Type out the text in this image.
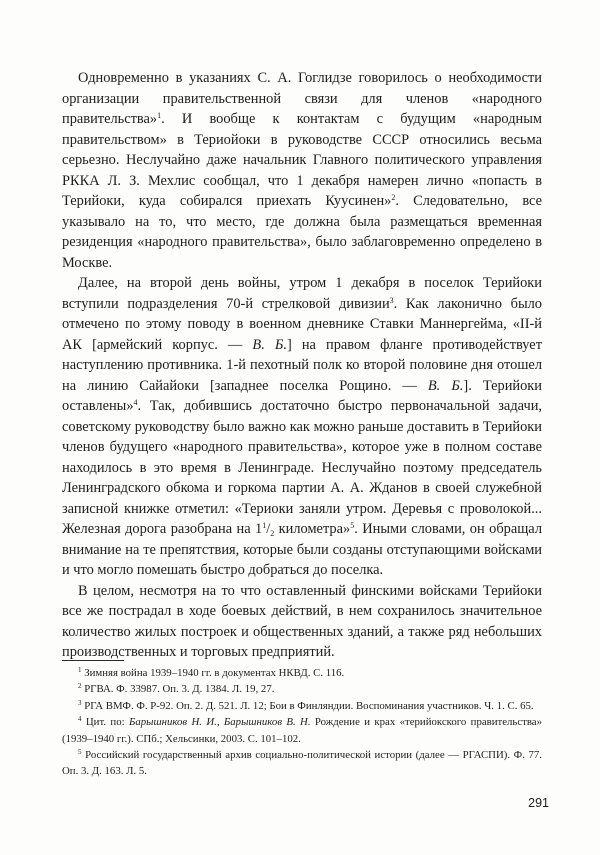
Одновременно в указаниях С. А. Гоглидзе говорилось о необходимости организации правительственной связи для членов «народного правительства»$^1$. И вообще к контактам с будущим «народным правительством» в Териойоки в руководстве СССР относились весьма серьезно. Неслучайно даже начальник Главного политического управления РККА Л. З. Мехлис сообщал, что 1 декабря намерен лично «попасть в Терийоки, куда собирался приехать Куусинен»$^2$. Следовательно, все указывало на то, что место, где должна была размещаться временная резиденция «народного правительства», было заблаговременно определено в Москве.

Далее, на второй день войны, утром 1 декабря в поселок Терийоки вступили подразделения 70-й стрелковой дивизии$^3$. Как лаконично было отмечено по этому поводу в военном дневнике Ставки Маннергейма, «II-й АК [армейский корпус. — В. Б.] на правом фланге противодействует наступлению противника. 1-й пехотный полк ко второй половине дня отошел на линию Сайайоки [западнее поселка Рощино. — В. Б.]. Терийоки оставлены»$^4$. Так, добившись достаточно быстро первоначальной задачи, советскому руководству было важно как можно раньше доставить в Терийоки членов будущего «народного правительства», которое уже в полном составе находилось в это время в Ленинграде. Неслучайно поэтому председатель Ленинградского обкома и горкома партии А. А. Жданов в своей служебной записной книжке отметил: «Териоки заняли утром. Деревья с проволокой... Железная дорога разобрана на $1^1/_2$ километра»$^5$. Иными словами, он обращал внимание на те препятствия, которые были созданы отступающими войсками и что могло помешать быстро добраться до поселка.

В целом, несмотря на то что оставленный финскими войсками Терийоки все же пострадал в ходе боевых действий, в нем сохранилось значительное количество жилых построек и общественных зданий, а также ряд небольших производственных и торговых предприятий.

$^1$ Зимняя война 1939–1940 гг. в документах НКВД. С. 116.

$^2$ РГВА. Ф. 33987. Оп. 3. Д. 1384. Л. 19, 27.

$^3$ РГА ВМФ. Ф. Р-92. Оп. 2. Д. 521. Л. 12; Бои в Финляндии. Воспоминания участников. Ч. 1. С. 65.

$^4$ Цит. по: Барышников Н. И., Барышников В. Н. Рождение и крах «терийокского правительства» (1939–1940 гг.). СПб.; Хельсинки, 2003. С. 101–102.

$^5$ Российский государственный архив социально-политической истории (далее — РГАСПИ). Ф. 77. Оп. 3. Д. 163. Л. 5.

291
